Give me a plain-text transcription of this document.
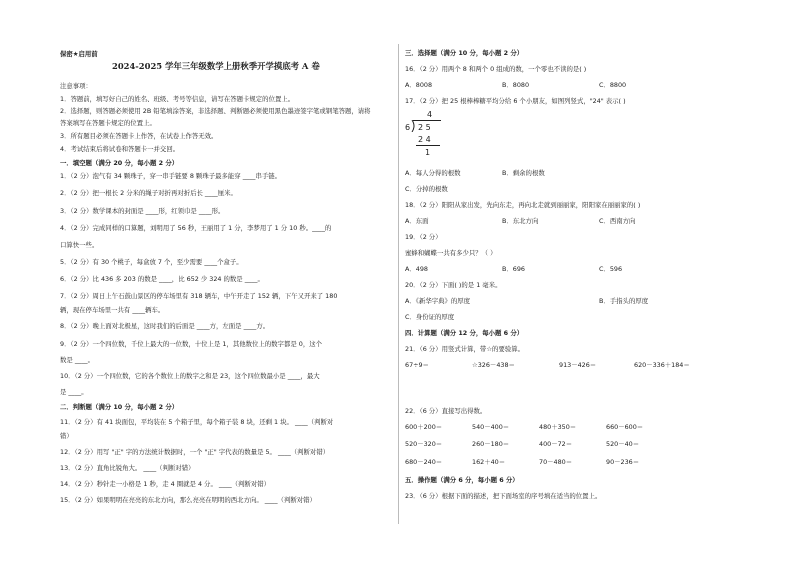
保密★启用前
2024-2025 学年三年级数学上册秋季开学摸底考 A 卷
注意事项：
1．答题前，填写好自己的姓名、班级、考号等信息，请写在答题卡规定的位置上。
2．选择题，则答题必须使用 2B 铅笔填涂答案，非选择题、判断题必须使用黑色墨迹签字笔或钢笔答题，请将
答案填写在答题卡规定的位置上。
3．所有题目必须在答题卡上作答，在试卷上作答无效。
4．考试结束后将试卷和答题卡一并交回。
一．填空题（满分 20 分，每小题 2 分）
1．（2 分）泡气有 34 颗珠子，穿一串手链要 8 颗珠子最多能穿 ____串手链。
2．（2 分）把一根长 2 分米的绳子对折再对折后长 ____厘米。
3．（2 分）数学课本的封面是 ____形，红领巾是 ____形。
4．（2 分）完成同样的口算题，刘明用了 56 秒，王丽用了 1 分，李梦用了 1 分 10 秒。____的
口算快一些。
5．（2 分）有 30 个桃子，每盒放 7 个，至少需要 ____个盒子。
6．（2 分）比 436 多 203 的数是 ____，比 652 少 324 的数是 ____。
7．（2 分）周日上午石鼓山景区的停车场里有 318 辆车，中午开走了 152 辆，下午又开来了 180
辆，现在停车场里一共有 ____辆车。
8．（2 分）晚上面对北极星，这时我们的后面是 ____方，左面是 ____方。
9．（2 分）一个四位数，千位上最大的一位数，十位上是 1，其他数位上的数字都是 0，这个
数是 ____。
10．（2 分）一个四位数，它的各个数位上的数字之和是 23，这个四位数最小是 ____，最大
是 ____。
二．判断题（满分 10 分，每小题 2 分）
11．（2 分）有 41 块面包，平均装在 5 个箱子里，每个箱子装 8 块，还剩 1 块。 ____（判断对
错）
12．（2 分）用写 "正" 字的方法统计数据时，一个 "正" 字代表的数量是 5。 ____（判断对错）
13．（2 分）直角比锐角大。 ____（判断对错）
14．（2 分）秒针走一小格是 1 秒，走 4 圈就是 4 分。 ____（判断对错）
15．（2 分）如果明明在亮亮的东北方向，那么亮亮在明明的西北方向。 ____（判断对错）
三．选择题（满分 10 分，每小题 2 分）
16．（2 分）用两个 8 和两个 0 组成的数，一个零也不读的是( )
A．8008	B．8080	C．8800
17．（2 分）把 25 根棒棒糖平均分给 6 个小朋友，如图列竖式，"24" 表示( )
4
6 2 5
2 4
1
A．每人分得的根数	B．剩余的根数
C．分掉的根数
18．（2 分）阳阳从家出发，先向东走，再向北走就到丽丽家，阳阳家在丽丽家的( )
A．东面	B．东北方向	C．西南方向
19．（2 分）
蜜蜂和蝴蝶一共有多少只？（ ）
A．498	B．696	C．596
20．（2 分）下面( )的是 1 毫米。
A．《新华字典》的厚度	B．手指头的厚度
C．身份证的厚度
四．计算题（满分 12 分，每小题 6 分）
21．（6 分）用竖式计算，带☆的要验算。
67÷9＝	☆326－438＝	913－426＝	620－336＋184＝
22．（6 分）直接写出得数。
600＋200＝	540－400＝	480＋350＝	660－600＝
520－320＝	260－180＝	400－72＝	520－40＝
680－240＝	162＋40＝	70－480＝	90－236＝
五．操作题（满分 6 分，每小题 6 分）
23．（6 分）根据下面的描述，把下面场室的序号填在适当的位置上。
